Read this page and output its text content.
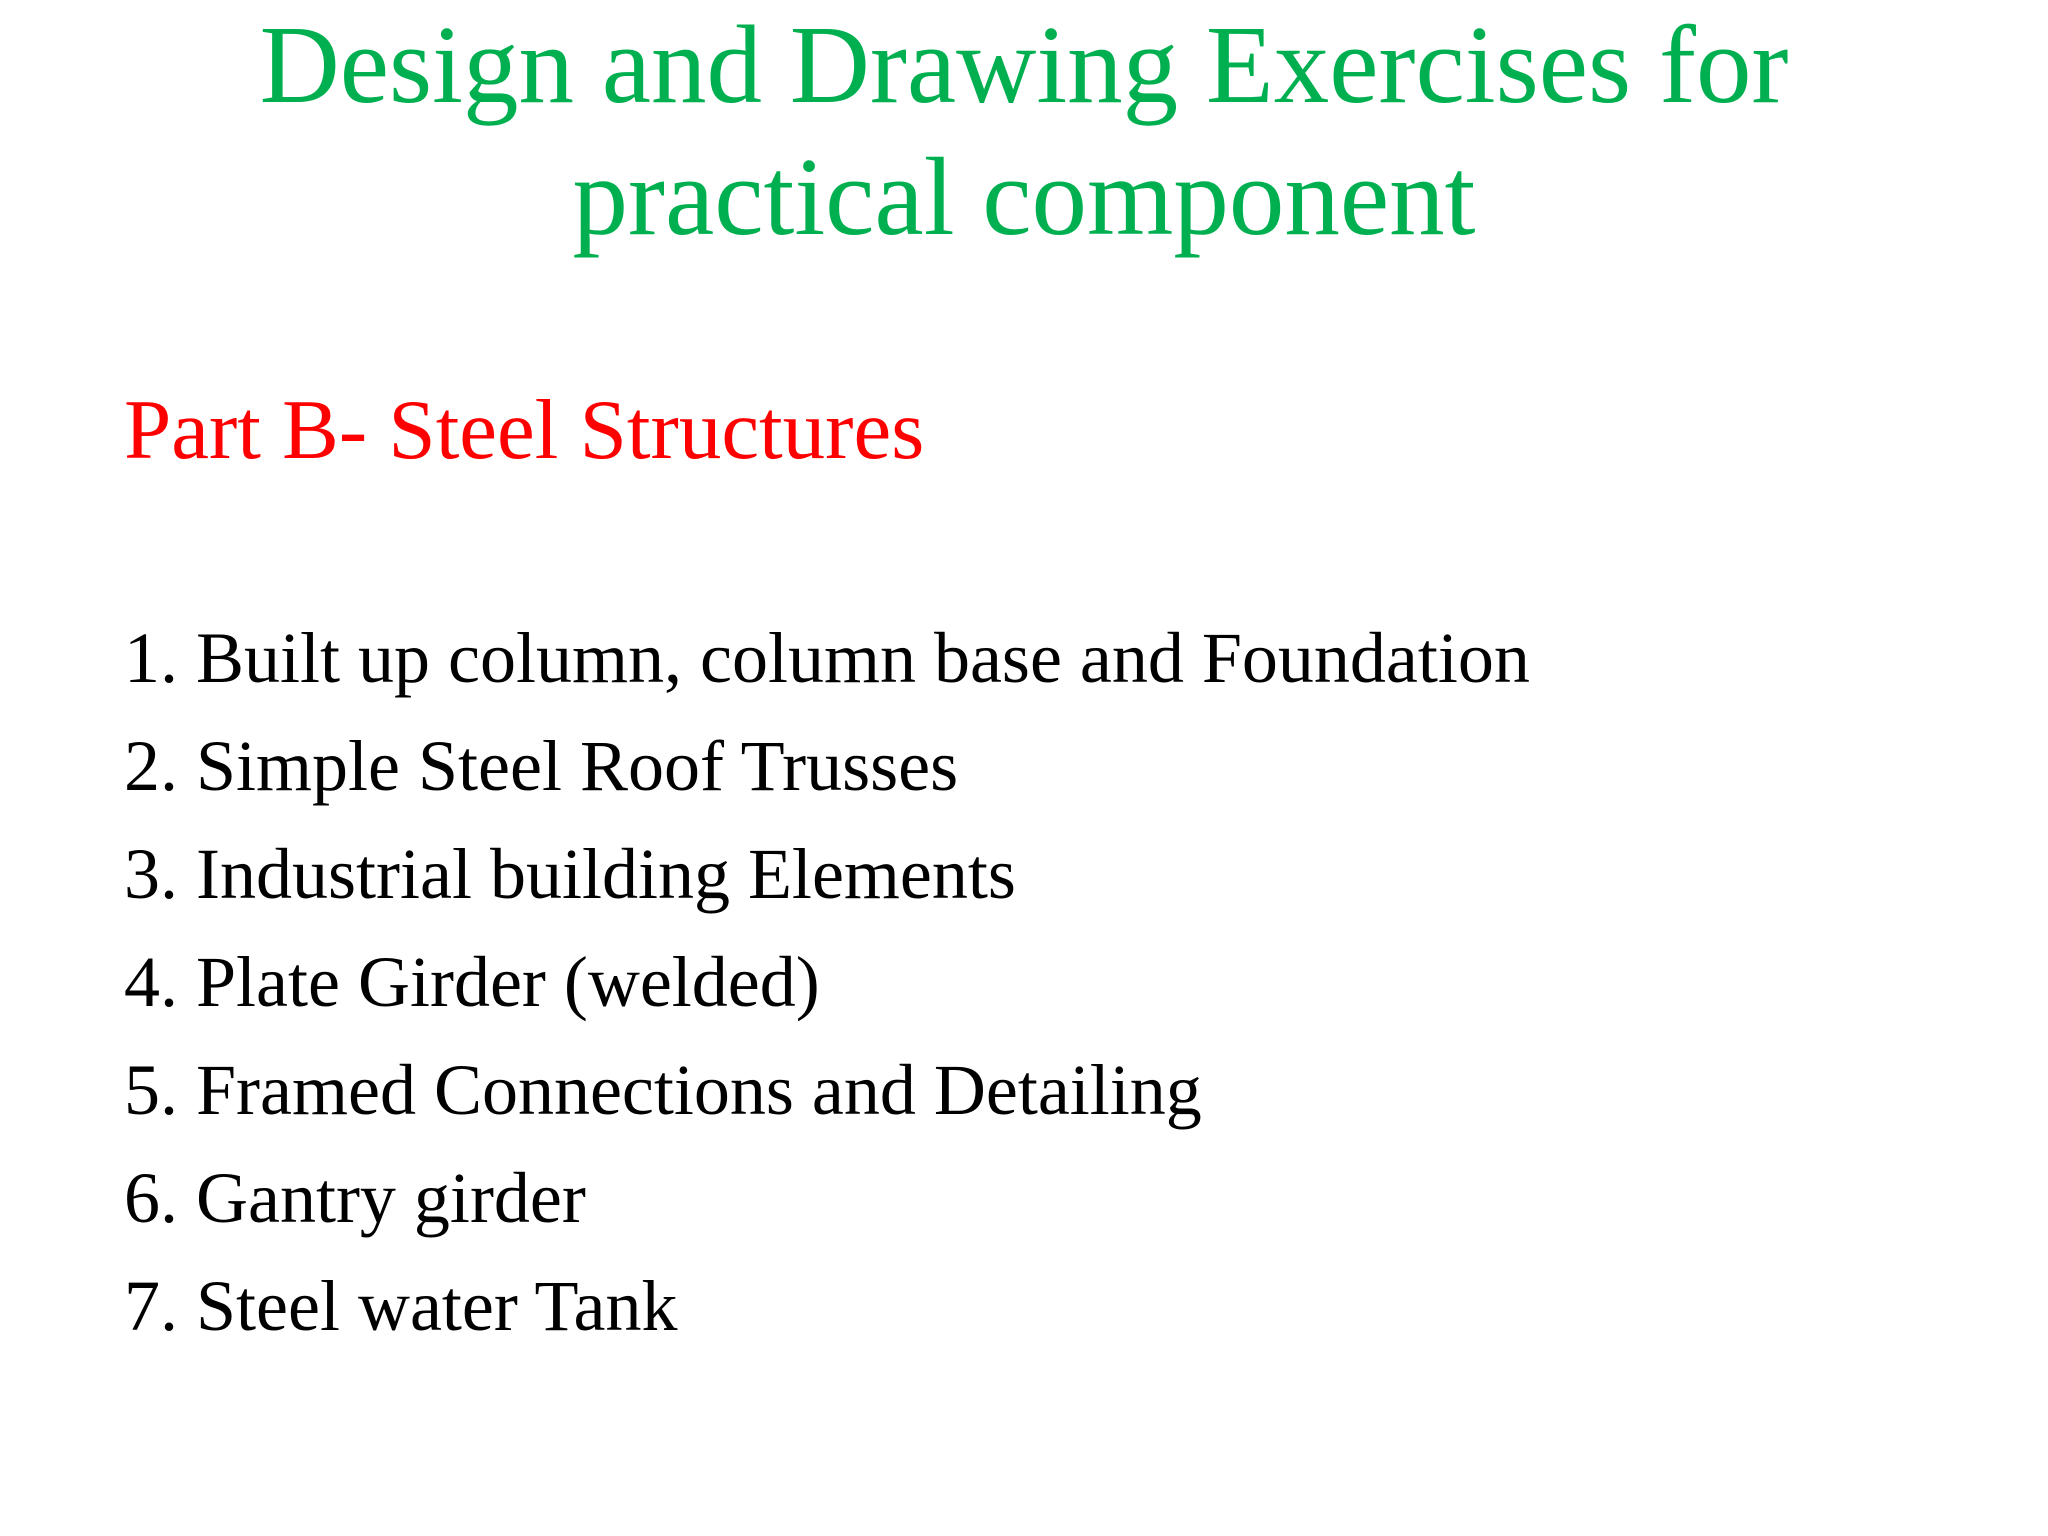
Design and Drawing Exercises for
practical component
Part B- Steel Structures
1. Built up column, column base and Foundation
2. Simple Steel Roof Trusses
3. Industrial building Elements
4. Plate Girder (welded)
5. Framed Connections and Detailing
6. Gantry girder
7. Steel water Tank
